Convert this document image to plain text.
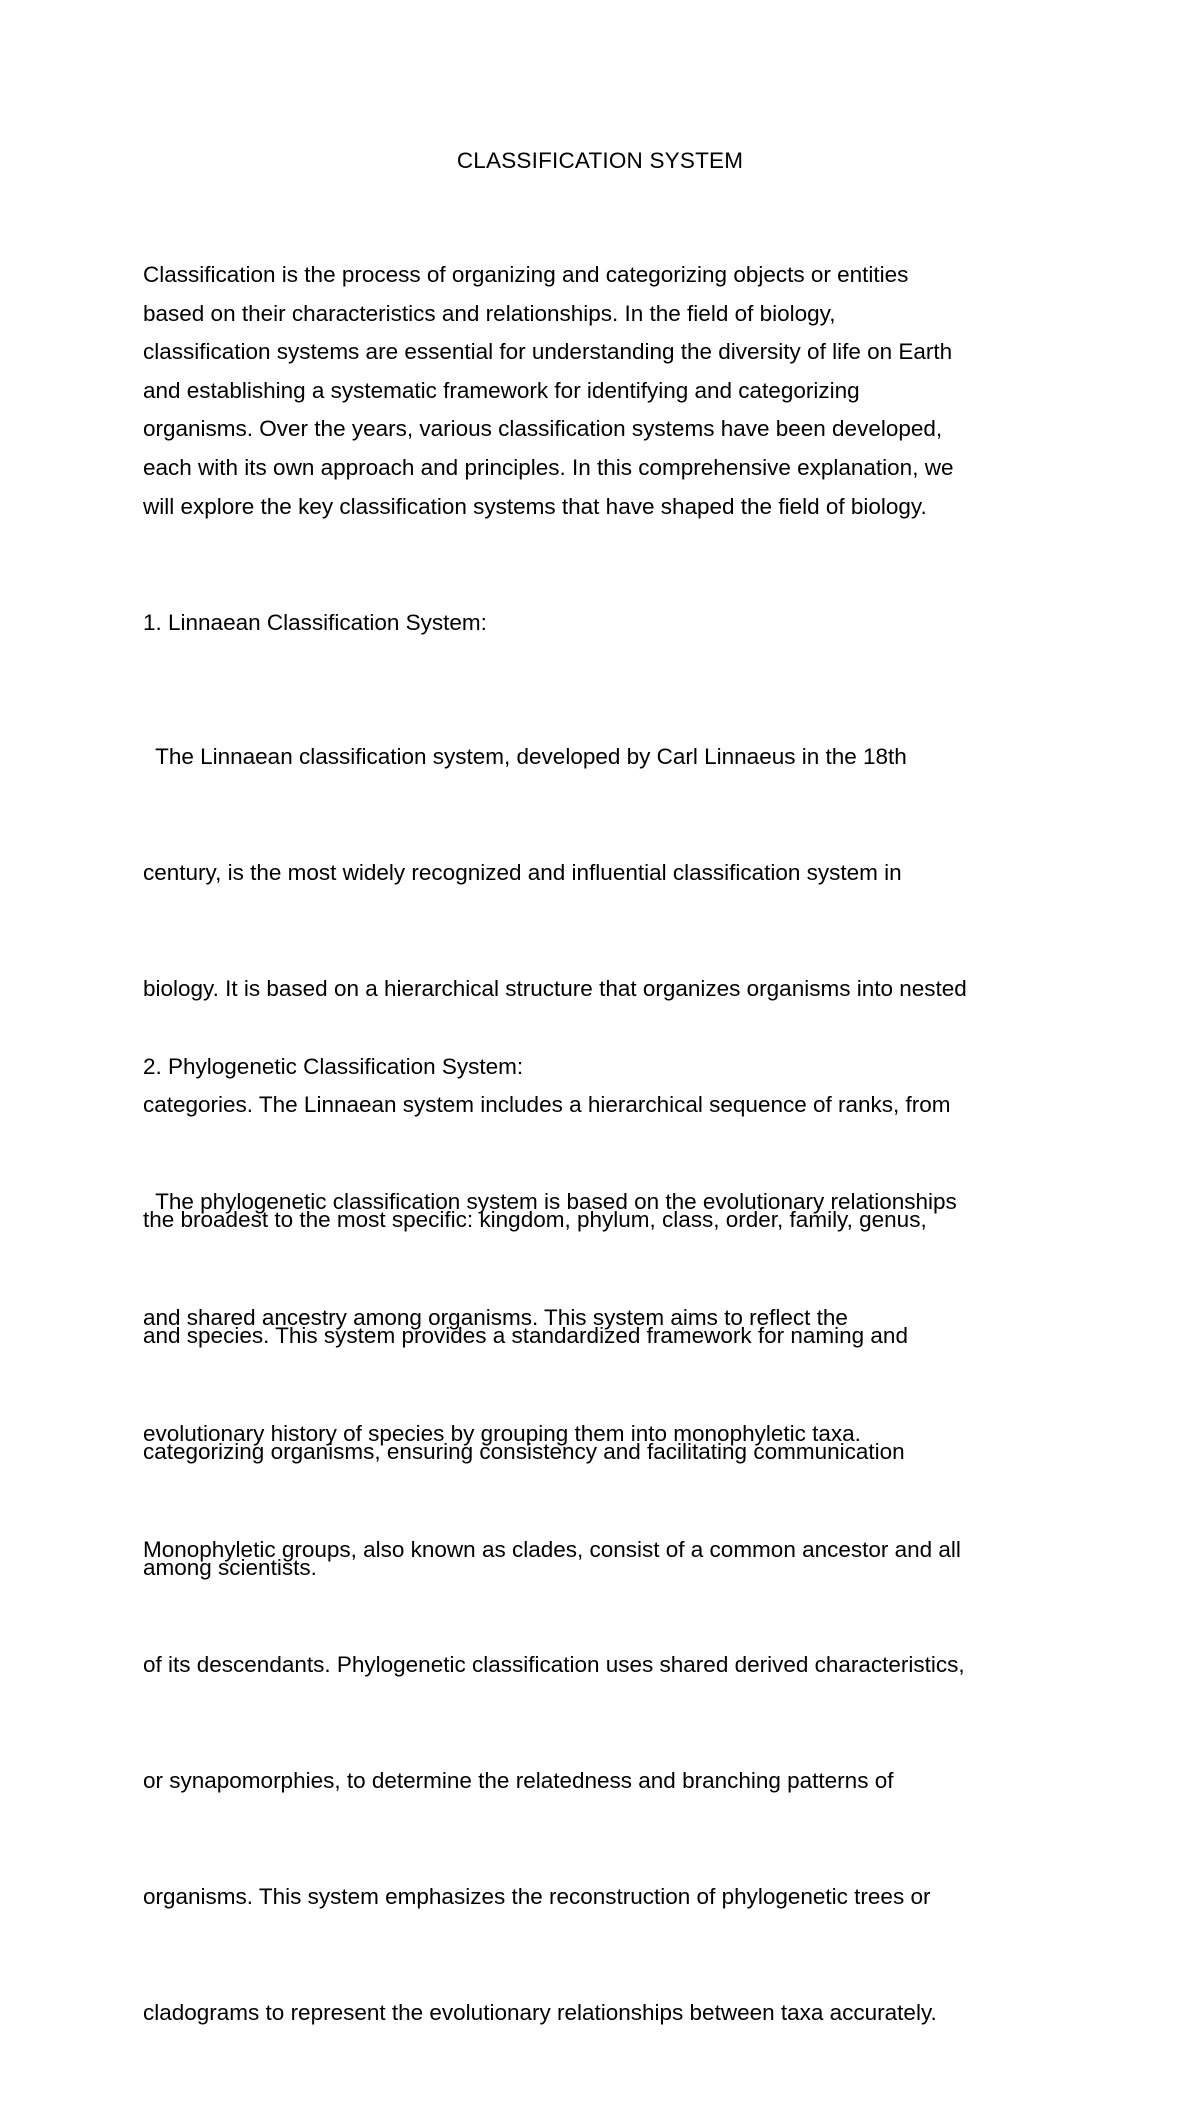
CLASSIFICATION SYSTEM

Classification is the process of organizing and categorizing objects or entities
based on their characteristics and relationships. In the field of biology,
classification systems are essential for understanding the diversity of life on Earth
and establishing a systematic framework for identifying and categorizing
organisms. Over the years, various classification systems have been developed,
each with its own approach and principles. In this comprehensive explanation, we
will explore the key classification systems that have shaped the field of biology.

1. Linnaean Classification System:

The Linnaean classification system, developed by Carl Linnaeus in the 18th

century, is the most widely recognized and influential classification system in

biology. It is based on a hierarchical structure that organizes organisms into nested

categories. The Linnaean system includes a hierarchical sequence of ranks, from

the broadest to the most specific: kingdom, phylum, class, order, family, genus,

and species. This system provides a standardized framework for naming and

categorizing organisms, ensuring consistency and facilitating communication

among scientists.

2. Phylogenetic Classification System:

The phylogenetic classification system is based on the evolutionary relationships

and shared ancestry among organisms. This system aims to reflect the

evolutionary history of species by grouping them into monophyletic taxa.

Monophyletic groups, also known as clades, consist of a common ancestor and all

of its descendants. Phylogenetic classification uses shared derived characteristics,

or synapomorphies, to determine the relatedness and branching patterns of

organisms. This system emphasizes the reconstruction of phylogenetic trees or

cladograms to represent the evolutionary relationships between taxa accurately.
